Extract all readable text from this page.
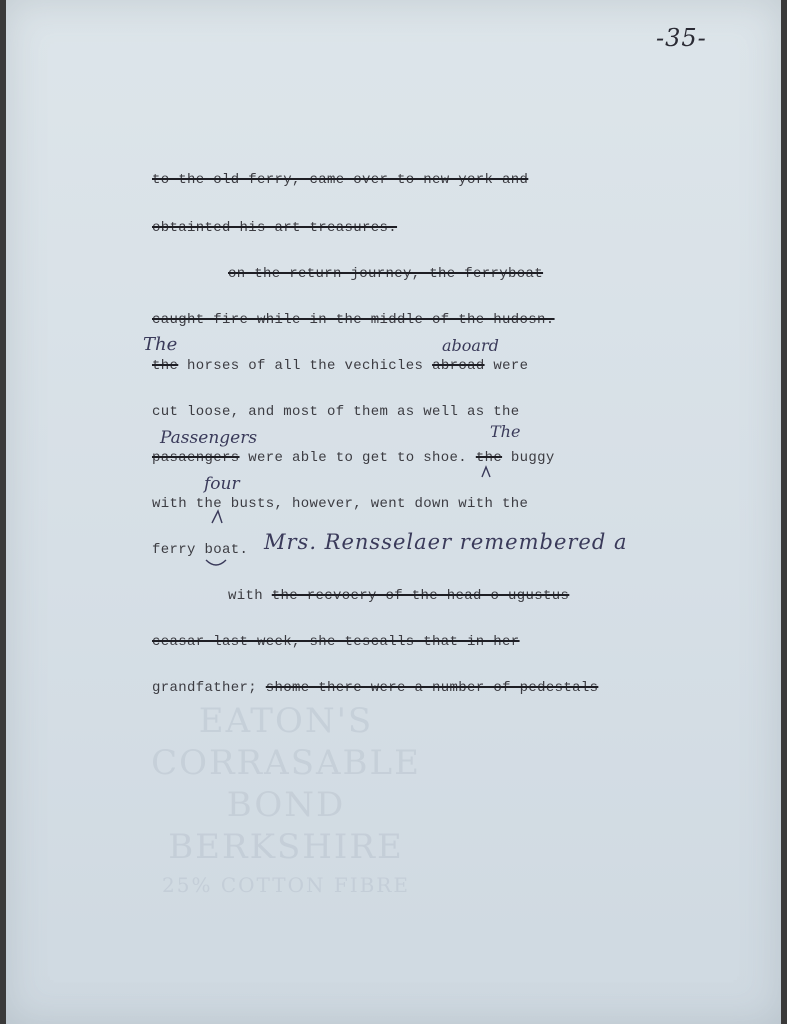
EATON'S
CORRASABLE
BOND
BERKSHIRE
25% COTTON FIBRE
-35-
to the old ferry, came over to new york and
obtainted his art treasures.
on the return journey, the ferryboat
caught fire while in the middle of the hudosn.
the horses of all the vechicles abroad were
cut loose, and most of them as well as the
pasaengers were able to get to shoe. the buggy
with the busts, however, went down with the
ferry boat.
with the recvoery of the head o ugustus
ceasar last week, she tescalls that in her
grandfather; shome there were a number of pedestals
The	aboard
Passengers	The
four
Mrs. Rensselaer remembered a
